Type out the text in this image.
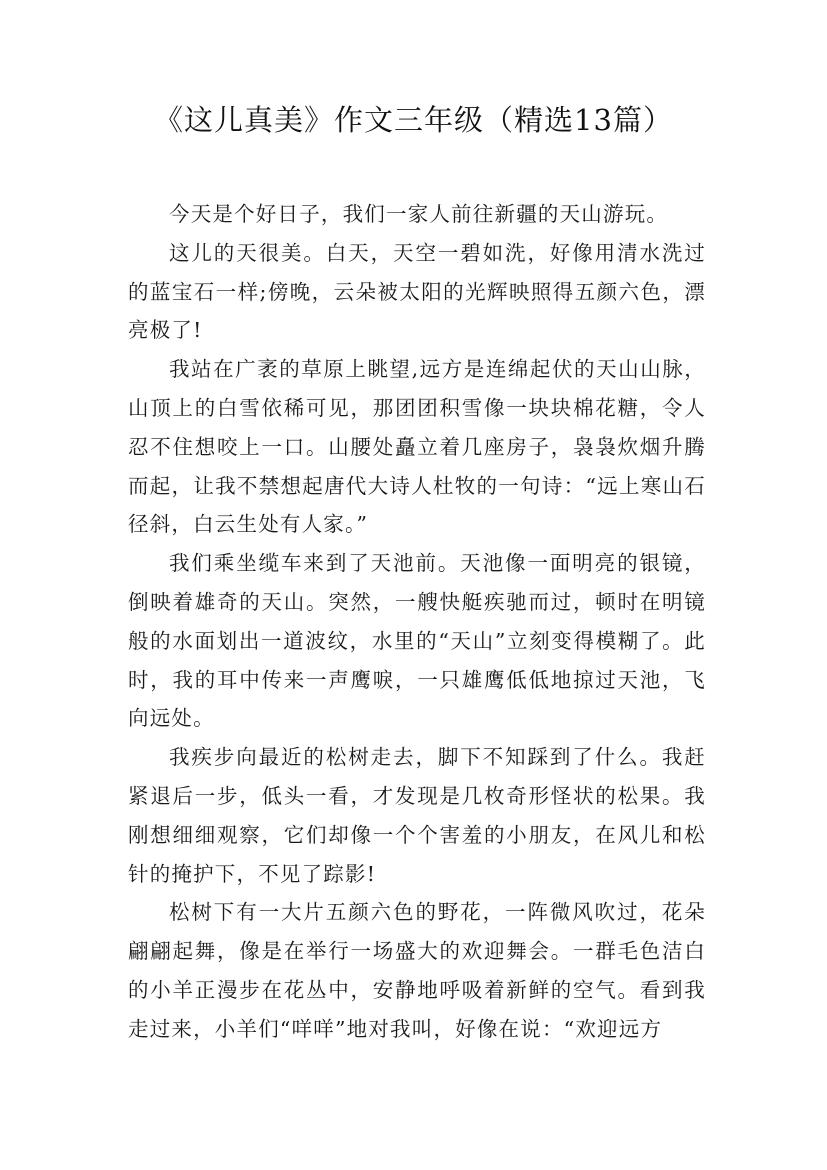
《这儿真美》作文三年级（精选13篇）

今天是个好日子，我们一家人前往新疆的天山游玩。

这儿的天很美。白天，天空一碧如洗，好像用清水洗过的蓝宝石一样;傍晚，云朵被太阳的光辉映照得五颜六色，漂亮极了!

我站在广袤的草原上眺望,远方是连绵起伏的天山山脉，山顶上的白雪依稀可见，那团团积雪像一块块棉花糖，令人忍不住想咬上一口。山腰处矗立着几座房子，袅袅炊烟升腾而起，让我不禁想起唐代大诗人杜牧的一句诗：“远上寒山石径斜，白云生处有人家。”

我们乘坐缆车来到了天池前。天池像一面明亮的银镜，倒映着雄奇的天山。突然，一艘快艇疾驰而过，顿时在明镜般的水面划出一道波纹，水里的“天山”立刻变得模糊了。此时，我的耳中传来一声鹰唳，一只雄鹰低低地掠过天池，飞向远处。

我疾步向最近的松树走去，脚下不知踩到了什么。我赶紧退后一步，低头一看，才发现是几枚奇形怪状的松果。我刚想细细观察，它们却像一个个害羞的小朋友，在风儿和松针的掩护下，不见了踪影!

松树下有一大片五颜六色的野花，一阵微风吹过，花朵翩翩起舞，像是在举行一场盛大的欢迎舞会。一群毛色洁白的小羊正漫步在花丛中，安静地呼吸着新鲜的空气。看到我走过来，小羊们“咩咩”地对我叫，好像在说：“欢迎远方
